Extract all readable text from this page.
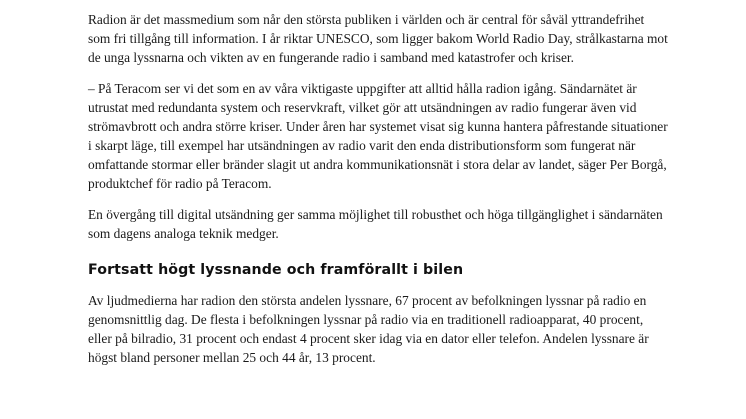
Radion är det massmedium som når den största publiken i världen och är central för såväl yttrandefrihet som fri tillgång till information. I år riktar UNESCO, som ligger bakom World Radio Day, strålkastarna mot de unga lyssnarna och vikten av en fungerande radio i samband med katastrofer och kriser.

– På Teracom ser vi det som en av våra viktigaste uppgifter att alltid hålla radion igång. Sändarnätet är utrustat med redundanta system och reservkraft, vilket gör att utsändningen av radio fungerar även vid strömavbrott och andra större kriser. Under åren har systemet visat sig kunna hantera påfrestande situationer i skarpt läge, till exempel har utsändningen av radio varit den enda distributionsform som fungerat när omfattande stormar eller bränder slagit ut andra kommunikationsnät i stora delar av landet, säger Per Borgå, produktchef för radio på Teracom.

En övergång till digital utsändning ger samma möjlighet till robusthet och höga tillgänglighet i sändarnäten som dagens analoga teknik medger.

Fortsatt högt lyssnande och framförallt i bilen

Av ljudmedierna har radion den största andelen lyssnare, 67 procent av befolkningen lyssnar på radio en genomsnittlig dag. De flesta i befolkningen lyssnar på radio via en traditionell radioapparat, 40 procent, eller på bilradio, 31 procent och endast 4 procent sker idag via en dator eller telefon. Andelen lyssnare är högst bland personer mellan 25 och 44 år, 13 procent.
